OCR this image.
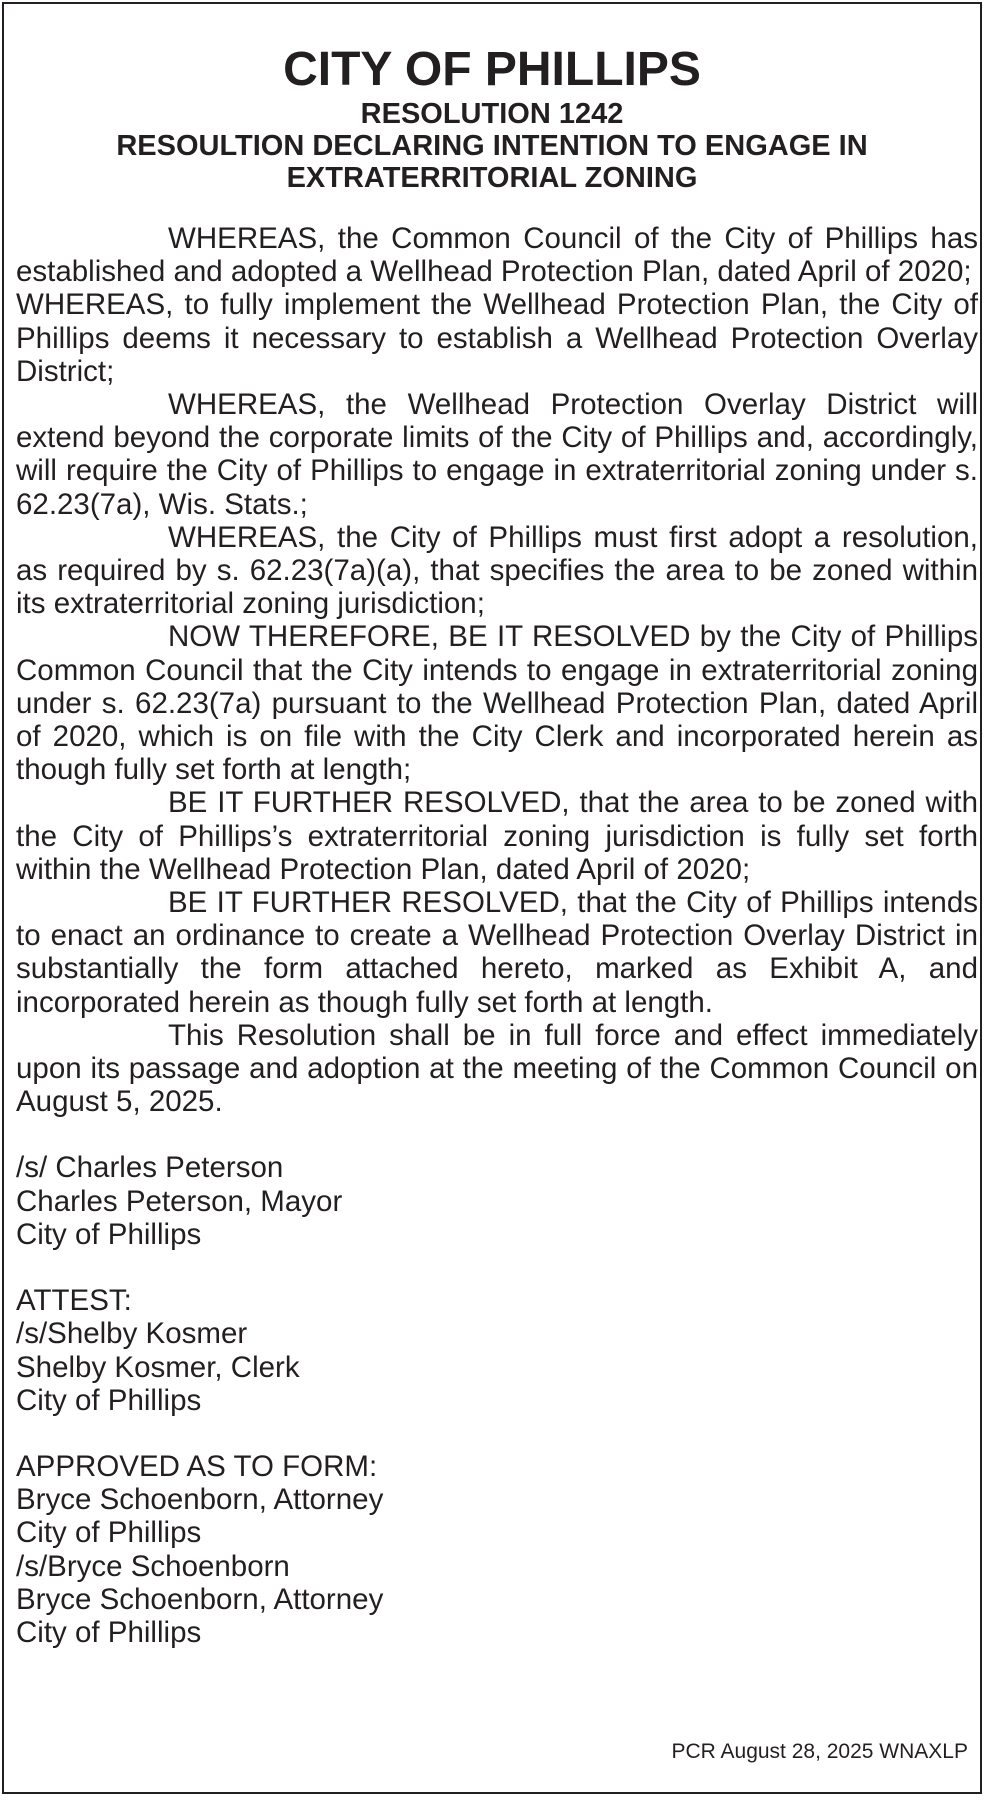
CITY OF PHILLIPS
RESOLUTION 1242
RESOULTION DECLARING INTENTION TO ENGAGE IN
EXTRATERRITORIAL ZONING

WHEREAS, the Common Council of the City of Phillips has established and adopted a Wellhead Protection Plan, dated April of 2020;

WHEREAS, to fully implement the Wellhead Protection Plan, the City of Phillips deems it necessary to establish a Wellhead Protection Overlay District;

WHEREAS, the Wellhead Protection Overlay District will extend beyond the corporate limits of the City of Phillips and, accordingly, will require the City of Phillips to engage in extraterritorial zoning under s. 62.23(7a), Wis. Stats.;

WHEREAS, the City of Phillips must first adopt a resolution, as required by s. 62.23(7a)(a), that specifies the area to be zoned within its extraterritorial zoning jurisdiction;

NOW THEREFORE, BE IT RESOLVED by the City of Phillips Common Council that the City intends to engage in extraterritorial zoning under s. 62.23(7a) pursuant to the Wellhead Protection Plan, dated April of 2020, which is on file with the City Clerk and incorporated herein as though fully set forth at length;

BE IT FURTHER RESOLVED, that the area to be zoned with the City of Phillips’s extraterritorial zoning jurisdiction is fully set forth within the Wellhead Protection Plan, dated April of 2020;

BE IT FURTHER RESOLVED, that the City of Phillips intends to enact an ordinance to create a Wellhead Protection Overlay District in substantially the form attached hereto, marked as Exhibit A, and incorporated herein as though fully set forth at length.

This Resolution shall be in full force and effect immediately upon its passage and adoption at the meeting of the Common Council on August 5, 2025.

/s/ Charles Peterson
Charles Peterson, Mayor
City of Phillips
ATTEST:
/s/Shelby Kosmer
Shelby Kosmer, Clerk
City of Phillips
APPROVED AS TO FORM:
Bryce Schoenborn, Attorney
City of Phillips
/s/Bryce Schoenborn
Bryce Schoenborn, Attorney
City of Phillips
PCR August 28, 2025 WNAXLP
